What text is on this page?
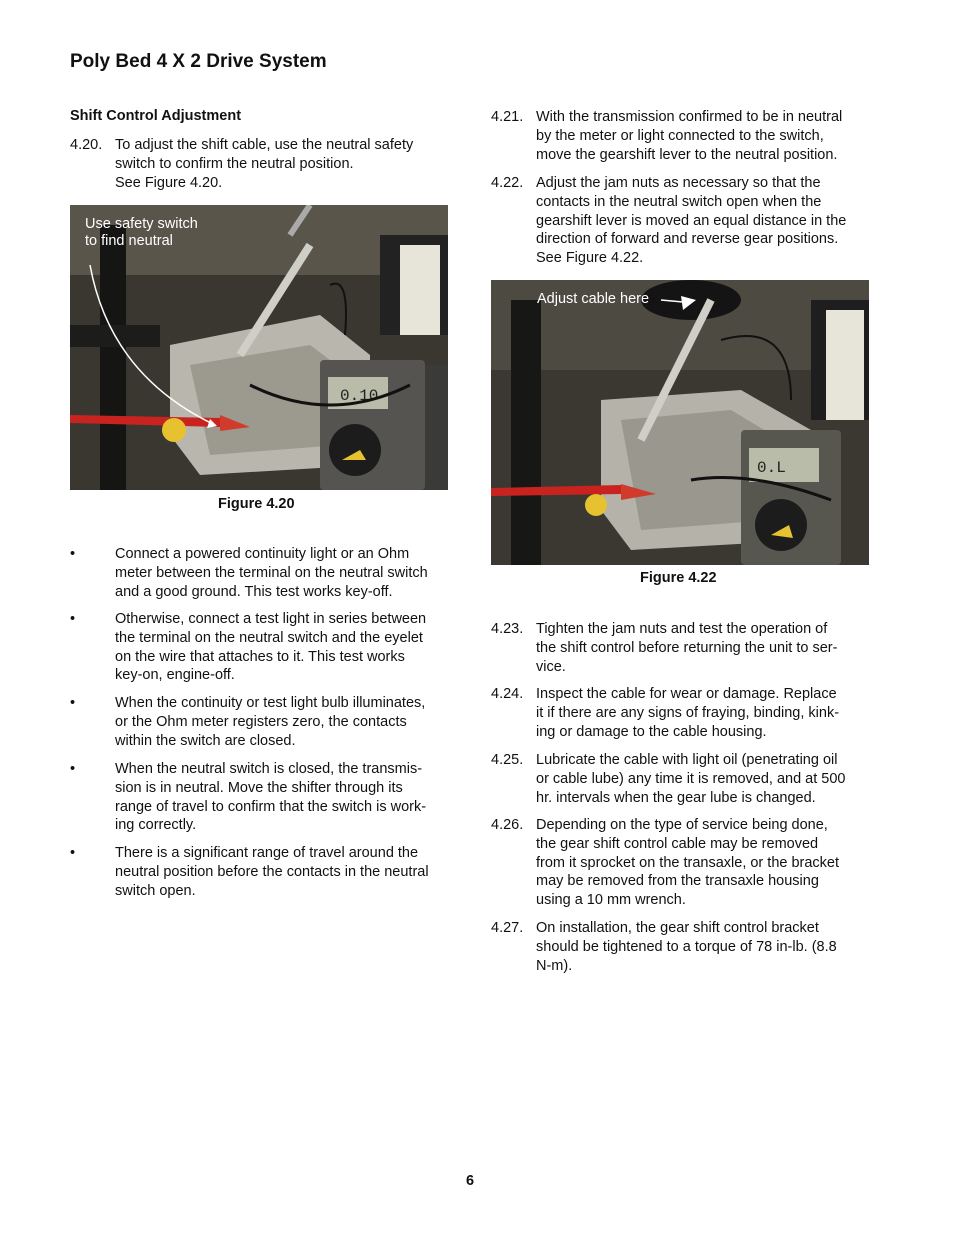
Poly Bed 4 X 2 Drive System
Shift Control Adjustment
4.20. To adjust the shift cable, use the neutral safety
switch to confirm the neutral position.
See Figure 4.20.
0.10
Use safety switch
to find neutral
Figure 4.20
•	Connect a powered continuity light or an Ohm
meter between the terminal on the neutral switch
and a good ground. This test works key-off.
•	Otherwise, connect a test light in series between
the terminal on the neutral switch and the eyelet
on the wire that attaches to it. This test works
key-on, engine-off.
•	When the continuity or test light bulb illuminates,
or the Ohm meter registers zero, the contacts
within the switch are closed.
•	When the neutral switch is closed, the transmis-
sion is in neutral. Move the shifter through its
range of travel to confirm that the switch is work-
ing correctly.
•	There is a significant range of travel around the
neutral position before the contacts in the neutral
switch open.
4.21. With the transmission confirmed to be in neutral
by the meter or light connected to the switch,
move the gearshift lever to the neutral position.
4.22. Adjust the jam nuts as necessary so that the
contacts in the neutral switch open when the
gearshift lever is moved an equal distance in the
direction of forward and reverse gear positions.
See Figure 4.22.
0.L
Adjust cable here
Figure 4.22
4.23. Tighten the jam nuts and test the operation of
the shift control before returning the unit to ser-
vice.
4.24. Inspect the cable for wear or damage. Replace
it if there are any signs of fraying, binding, kink-
ing or damage to the cable housing.
4.25. Lubricate the cable with light oil (penetrating oil
or cable lube) any time it is removed, and at 500
hr. intervals when the gear lube is changed.
4.26. Depending on the type of service being done,
the gear shift control cable may be removed
from it sprocket on the transaxle, or the bracket
may be removed from the transaxle housing
using a 10 mm wrench.
4.27. On installation, the gear shift control bracket
should be tightened to a torque of 78 in-lb. (8.8
N-m).
6
